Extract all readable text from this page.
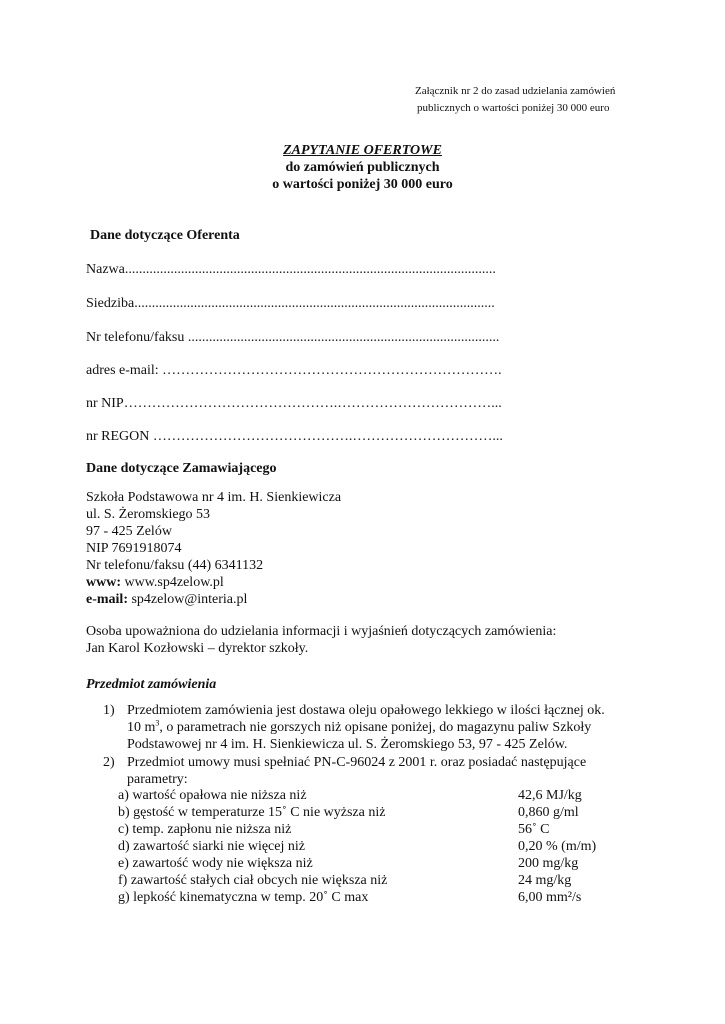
Załącznik nr 2 do zasad udzielania zamówień
publicznych o wartości poniżej 30 000 euro
ZAPYTANIE OFERTOWE
do zamówień publicznych
o wartości poniżej 30 000 euro
Dane dotyczące Oferenta
Nazwa..........................................................................................................
Siedziba.......................................................................................................
Nr telefonu/faksu .........................................................................................
adres e-mail: ……………………………………………………………….
nr NIP……………………………………….……………………………...
nr REGON …………………………………….…………………………...
Dane dotyczące Zamawiającego
Szkoła Podstawowa nr 4 im. H. Sienkiewicza
ul. S. Żeromskiego 53
97 - 425 Zelów
NIP 7691918074
Nr telefonu/faksu (44) 6341132
www: www.sp4zelow.pl
e-mail: sp4zelow@interia.pl
Osoba upoważniona do udzielania informacji i wyjaśnień dotyczących zamówienia:
Jan Karol Kozłowski – dyrektor szkoły.
Przedmiot zamówienia
1) Przedmiotem zamówienia jest dostawa oleju opałowego lekkiego w ilości łącznej ok.
10 $m^3$, o parametrach nie gorszych niż opisane poniżej, do magazynu paliw Szkoły
Podstawowej nr 4 im. H. Sienkiewicza ul. S. Żeromskiego 53, 97 - 425 Zelów.
2) Przedmiot umowy musi spełniać PN-C-96024 z 2001 r. oraz posiadać następujące
parametry:
a) wartość opałowa nie niższa niż	42,6 MJ/kg
b) gęstość w temperaturze 15˚ C nie wyższa niż	0,860 g/ml
c) temp. zapłonu nie niższa niż	56˚ C
d) zawartość siarki nie więcej niż	0,20 % (m/m)
e) zawartość wody nie większa niż	200 mg/kg
f) zawartość stałych ciał obcych nie większa niż	24 mg/kg
g) lepkość kinematyczna w temp. 20˚ C max	6,00 mm²/s
